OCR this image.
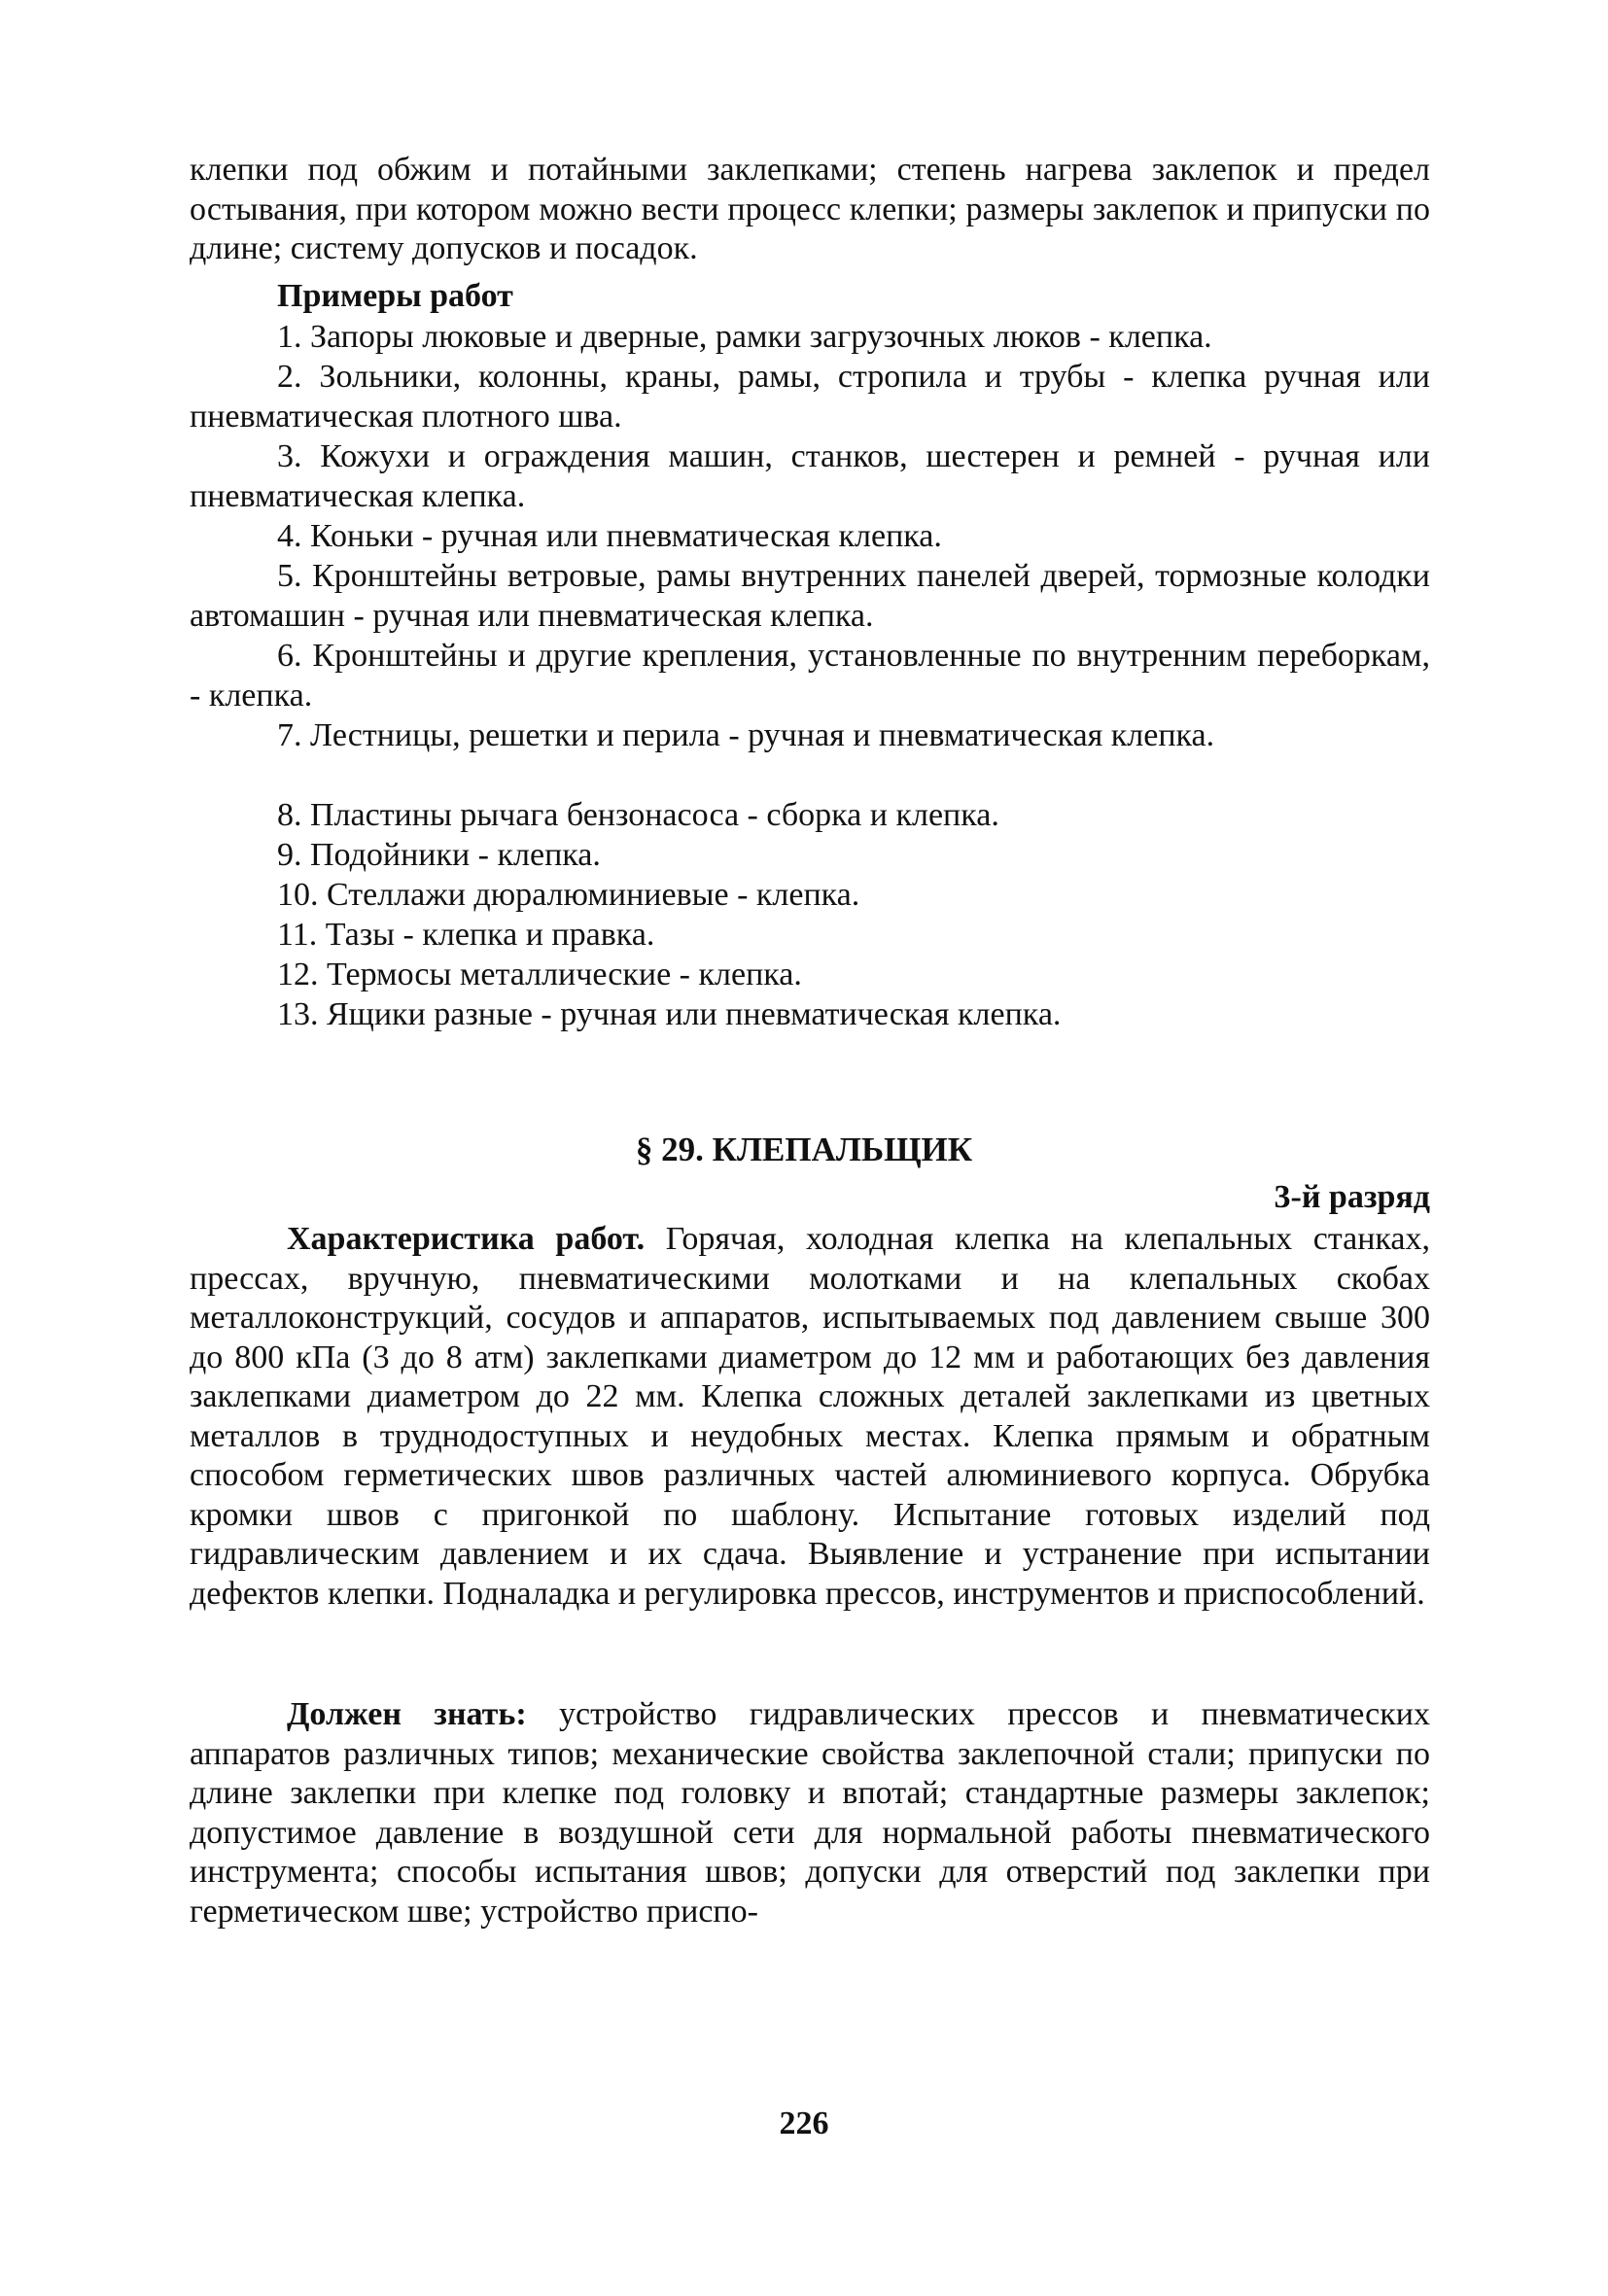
клепки под обжим и потайными заклепками; степень нагрева заклепок и предел остывания, при котором можно вести процесс клепки; размеры заклепок и припуски по длине; систему допусков и посадок.

Примеры работ

1. Запоры люковые и дверные, рамки загрузочных люков - клепка.

2. Зольники, колонны, краны, рамы, стропила и трубы - клепка ручная или пневматическая плотного шва.

3. Кожухи и ограждения машин, станков, шестерен и ремней - ручная или пневматическая клепка.

4. Коньки - ручная или пневматическая клепка.

5. Кронштейны ветровые, рамы внутренних панелей дверей, тормозные колодки автомашин - ручная или пневматическая клепка.

6. Кронштейны и другие крепления, установленные по внутренним переборкам, - клепка.

7. Лестницы, решетки и перила - ручная и пневматическая клепка.

8. Пластины рычага бензонасоса - сборка и клепка.

9. Подойники - клепка.

10. Стеллажи дюралюминиевые - клепка.

11. Тазы - клепка и правка.

12. Термосы металлические - клепка.

13. Ящики разные - ручная или пневматическая клепка.

§ 29. КЛЕПАЛЬЩИК

3-й разряд

Характеристика работ. Горячая, холодная клепка на клепальных станках, прессах, вручную, пневматическими молотками и на клепальных скобах металлоконструкций, сосудов и аппаратов, испытываемых под давлением свыше 300 до 800 кПа (3 до 8 атм) заклепками диаметром до 12 мм и работающих без давления заклепками диаметром до 22 мм. Клепка сложных деталей заклепками из цветных металлов в труднодоступных и неудобных местах. Клепка прямым и обратным способом герметических швов различных частей алюминиевого корпуса. Обрубка кромки швов с пригонкой по шаблону. Испытание готовых изделий под гидравлическим давлением и их сдача. Выявление и устранение при испытании дефектов клепки. Подналадка и регулировка прессов, инструментов и приспособлений.

Должен знать: устройство гидравлических прессов и пневматических аппаратов различных типов; механические свойства заклепочной стали; припуски по длине заклепки при клепке под головку и впотай; стандартные размеры заклепок; допустимое давление в воздушной сети для нормальной работы пневматического инструмента; способы испытания швов; допуски для отверстий под заклепки при герметическом шве; устройство приспо-

226
